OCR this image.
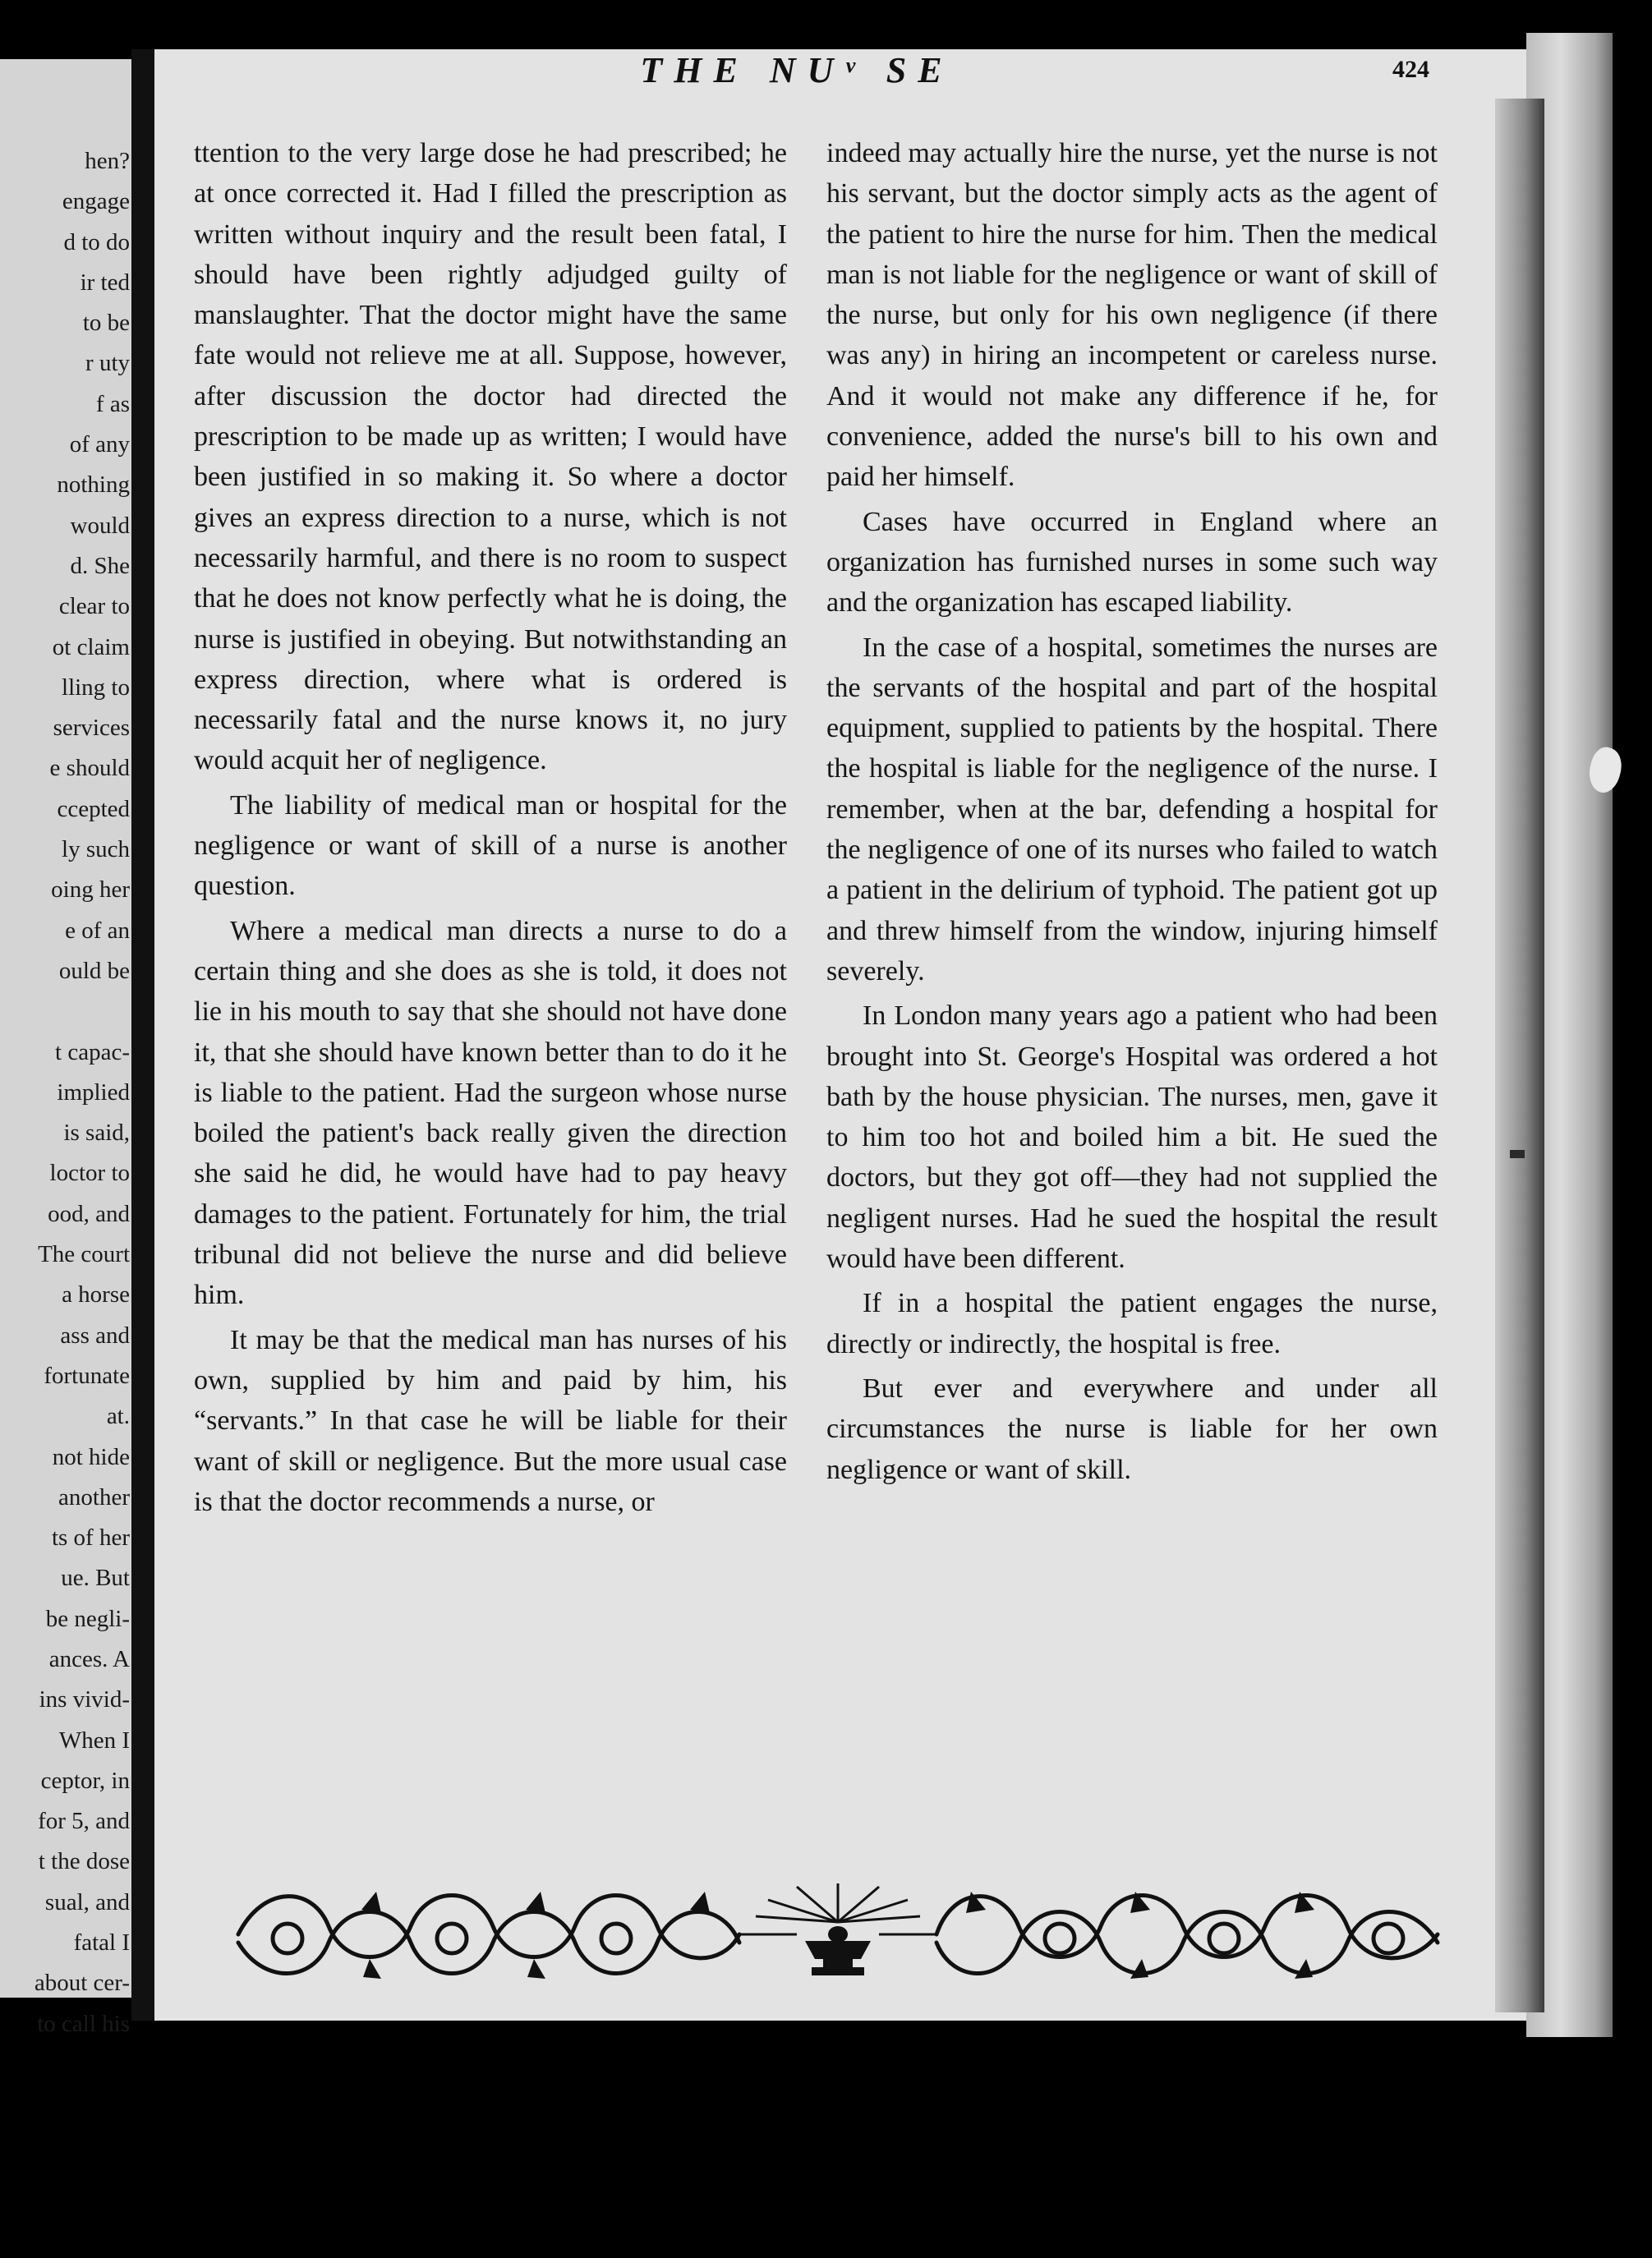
hen?
engage
d to do
ir ted
to be
r uty
f as
of any
nothing
would
d. She
clear to
ot claim
lling to
services
e should
ccepted
ly such
oing her
e of an
ould be
t capac-
implied
is said,
loctor to
ood, and
The court
a horse
ass and
fortunate
at.
not hide
another
ts of her
ue. But
be negli-
ances. A
ins vivid-
When I
ceptor, in
for 5, and
t the dose
sual, and
fatal I
about cer-
to call his
THE NUᵛ SE	424

ttention to the very large dose he had prescribed; he at once corrected it. Had I filled the prescription as written without inquiry and the result been fatal, I should have been rightly adjudged guilty of manslaughter. That the doctor might have the same fate would not relieve me at all. Suppose, however, after discussion the doctor had directed the prescription to be made up as written; I would have been justified in so making it. So where a doctor gives an express direction to a nurse, which is not necessarily harmful, and there is no room to suspect that he does not know perfectly what he is doing, the nurse is justified in obeying. But notwithstanding an express direction, where what is ordered is necessarily fatal and the nurse knows it, no jury would acquit her of negligence.

The liability of medical man or hospital for the negligence or want of skill of a nurse is another question.

Where a medical man directs a nurse to do a certain thing and she does as she is told, it does not lie in his mouth to say that she should not have done it, that she should have known better than to do it he is liable to the patient. Had the surgeon whose nurse boiled the patient's back really given the direction she said he did, he would have had to pay heavy damages to the patient. Fortunately for him, the trial tribunal did not believe the nurse and did believe him.

It may be that the medical man has nurses of his own, supplied by him and paid by him, his “servants.” In that case he will be liable for their want of skill or negligence. But the more usual case is that the doctor recommends a nurse, or

indeed may actually hire the nurse, yet the nurse is not his servant, but the doctor simply acts as the agent of the patient to hire the nurse for him. Then the medical man is not liable for the negligence or want of skill of the nurse, but only for his own negligence (if there was any) in hiring an incompetent or careless nurse. And it would not make any difference if he, for convenience, added the nurse's bill to his own and paid her himself.

Cases have occurred in England where an organization has furnished nurses in some such way and the organization has escaped liability.

In the case of a hospital, sometimes the nurses are the servants of the hospital and part of the hospital equipment, supplied to patients by the hospital. There the hospital is liable for the negligence of the nurse. I remember, when at the bar, defending a hospital for the negligence of one of its nurses who failed to watch a patient in the delirium of typhoid. The patient got up and threw himself from the window, injuring himself severely.

In London many years ago a patient who had been brought into St. George's Hospital was ordered a hot bath by the house physician. The nurses, men, gave it to him too hot and boiled him a bit. He sued the doctors, but they got off—they had not supplied the negligent nurses. Had he sued the hospital the result would have been different.

If in a hospital the patient engages the nurse, directly or indirectly, the hospital is free.

But ever and everywhere and under all circumstances the nurse is liable for her own negligence or want of skill.
